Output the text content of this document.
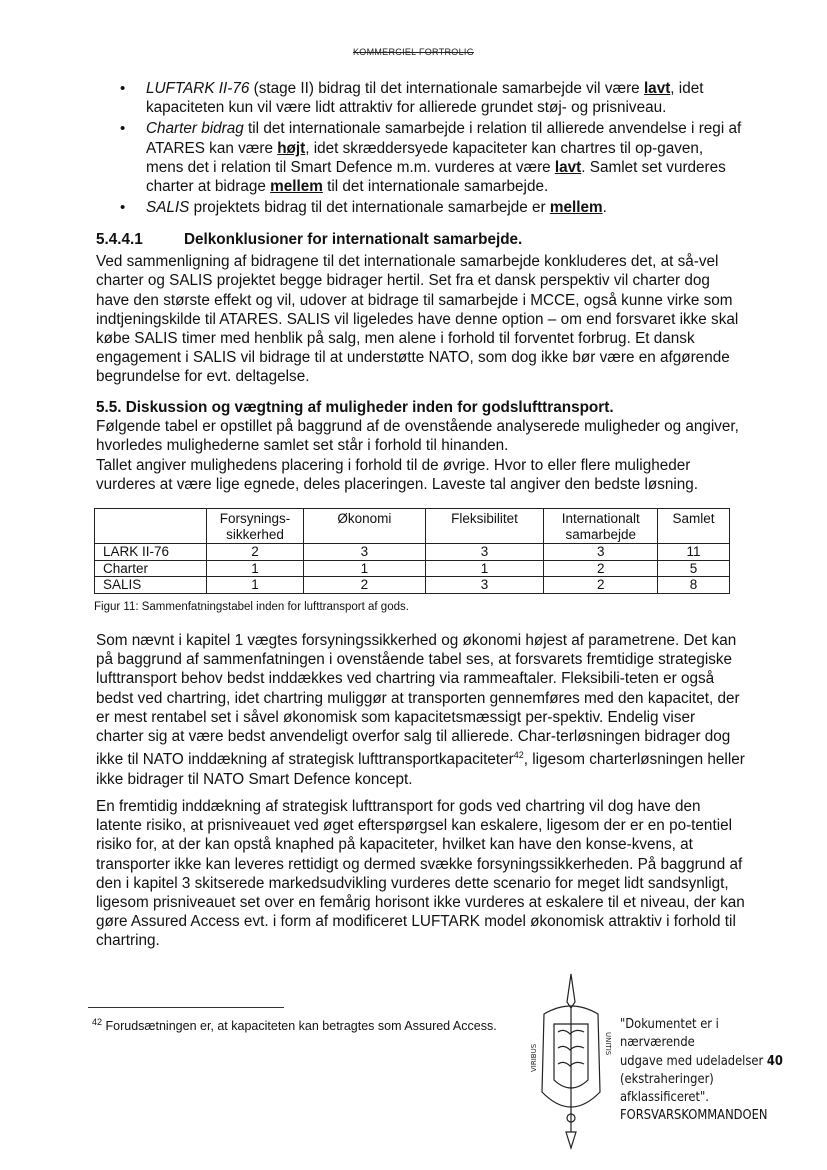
KOMMERCIEL FORTROLIG
• LUFTARK II-76 (stage II) bidrag til det internationale samarbejde vil være lavt, idet kapaciteten kun vil være lidt attraktiv for allierede grundet støj- og prisniveau.
• Charter bidrag til det internationale samarbejde i relation til allierede anvendelse i regi af ATARES kan være højt, idet skræddersyede kapaciteter kan chartres til op-gaven, mens det i relation til Smart Defence m.m. vurderes at være lavt. Samlet set vurderes charter at bidrage mellem til det internationale samarbejde.
• SALIS projektets bidrag til det internationale samarbejde er mellem.
5.4.4.1	Delkonklusioner for internationalt samarbejde.
Ved sammenligning af bidragene til det internationale samarbejde konkluderes det, at så-vel charter og SALIS projektet begge bidrager hertil. Set fra et dansk perspektiv vil charter dog have den største effekt og vil, udover at bidrage til samarbejde i MCCE, også kunne virke som indtjeningskilde til ATARES. SALIS vil ligeledes have denne option – om end forsvaret ikke skal købe SALIS timer med henblik på salg, men alene i forhold til forventet forbrug. Et dansk engagement i SALIS vil bidrage til at understøtte NATO, som dog ikke bør være en afgørende begrundelse for evt. deltagelse.
5.5. Diskussion og vægtning af muligheder inden for godslufttransport.
Følgende tabel er opstillet på baggrund af de ovenstående analyserede muligheder og angiver, hvorledes mulighederne samlet set står i forhold til hinanden.
Tallet angiver mulighedens placering i forhold til de øvrige. Hvor to eller flere muligheder vurderes at være lige egnede, deles placeringen. Laveste tal angiver den bedste løsning.
	Forsynings-sikkerhed	Økonomi	Fleksibilitet	Internationalt samarbejde	Samlet
LARK II-76	2	3	3	3	11
Charter	1	1	1	2	5
SALIS	1	2	3	2	8
Figur 11: Sammenfatningstabel inden for lufttransport af gods.
Som nævnt i kapitel 1 vægtes forsyningssikkerhed og økonomi højest af parametrene. Det kan på baggrund af sammenfatningen i ovenstående tabel ses, at forsvarets fremtidige strategiske lufttransport behov bedst inddækkes ved chartring via rammeaftaler. Fleksibili-teten er også bedst ved chartring, idet chartring muliggør at transporten gennemføres med den kapacitet, der er mest rentabel set i såvel økonomisk som kapacitetsmæssigt per-spektiv. Endelig viser charter sig at være bedst anvendeligt overfor salg til allierede. Char-terløsningen bidrager dog ikke til NATO inddækning af strategisk lufttransportkapaciteter$^{42}$, ligesom charterløsningen heller ikke bidrager til NATO Smart Defence koncept.
En fremtidig inddækning af strategisk lufttransport for gods ved chartring vil dog have den latente risiko, at prisniveauet ved øget efterspørgsel kan eskalere, ligesom der er en po-tentiel risiko for, at der kan opstå knaphed på kapaciteter, hvilket kan have den konse-kvens, at transporter ikke kan leveres rettidigt og dermed svække forsyningssikkerheden. På baggrund af den i kapitel 3 skitserede markedsudvikling vurderes dette scenario for meget lidt sandsynligt, ligesom prisniveauet set over en femårig horisont ikke vurderes at eskalere til et niveau, der kan gøre Assured Access evt. i form af modificeret LUFTARK model økonomisk attraktiv i forhold til chartring.
$^{42}$ Forudsætningen er, at kapaciteten kan betragtes som Assured Access.
VIRIBUS
UNITIS
"Dokumentet er i nærværende
udgave med udeladelser 40
(ekstraheringer) afklassificeret".
FORSVARSKOMMANDOEN
